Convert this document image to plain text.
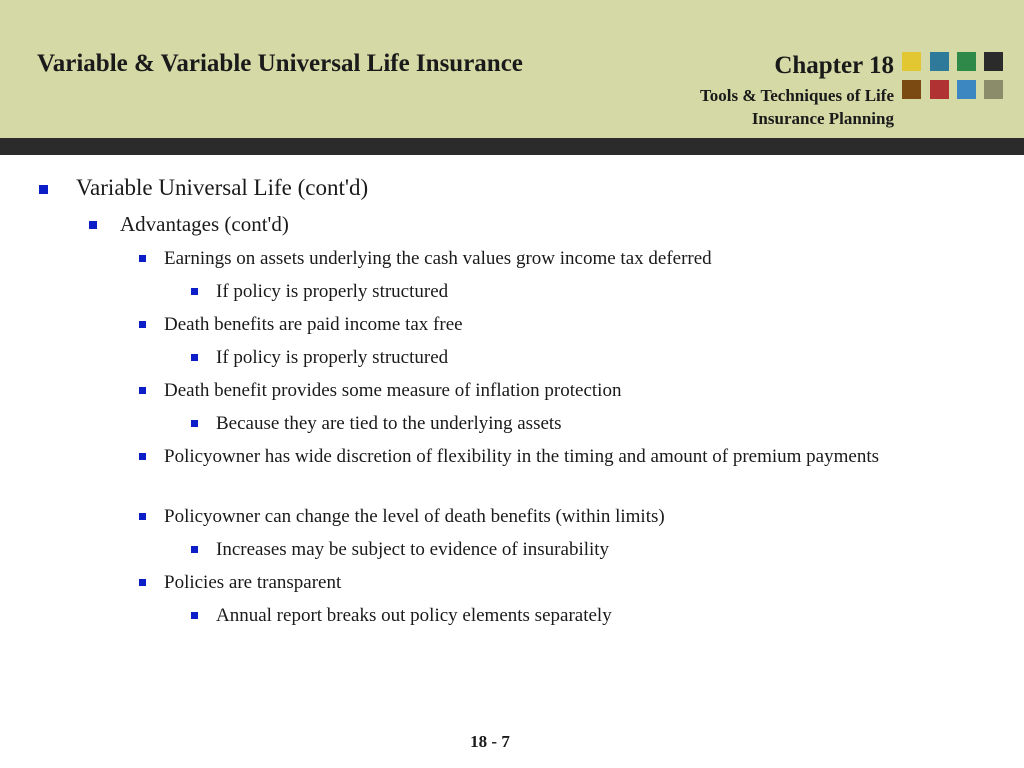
Variable & Variable Universal Life Insurance	Chapter 18
Tools & Techniques of Life
Insurance Planning
Variable Universal Life (cont'd)
Advantages (cont'd)
Earnings on assets underlying the cash values grow income tax deferred
If policy is properly structured
Death benefits are paid income tax free
If policy is properly structured
Death benefit provides some measure of inflation protection
Because they are tied to the underlying assets
Policyowner has wide discretion of flexibility in the timing and amount of premium payments
Policyowner can change the level of death benefits (within limits)
Increases may be subject to evidence of insurability
Policies are transparent
Annual report breaks out policy elements separately
18 - 7
